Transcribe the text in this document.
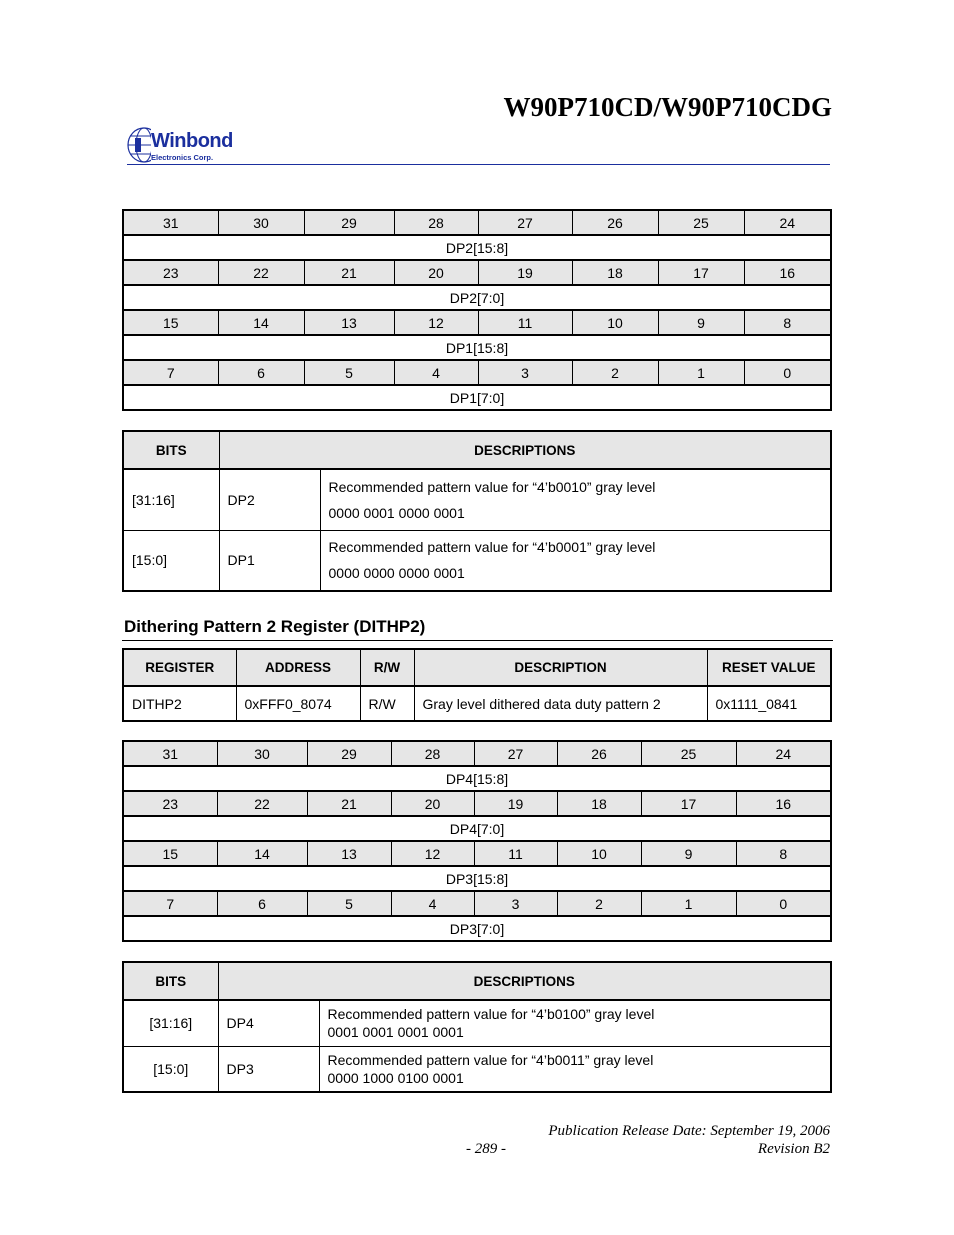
W90P710CD/W90P710CDG
Winbond
Electronics Corp.
31	30	29	28	27	26	25	24
DP2[15:8]							
23	22	21	20	19	18	17	16
DP2[7:0]							
15	14	13	12	11	10	9	8
DP1[15:8]							
7	6	5	4	3	2	1	0
DP1[7:0]							
BITS	DESCRIPTIONS	
[31:16]	DP2	Recommended pattern value for “4’b0010” gray level
0000 0001 0000 0001

[15:0]	DP1	Recommended pattern value for “4’b0001” gray level
0000 0000 0000 0001
Dithering Pattern 2 Register (DITHP2)
REGISTER	ADDRESS	R/W	DESCRIPTION	RESET VALUE
DITHP2	0xFFF0_8074	R/W	Gray level dithered data duty pattern 2	0x1111_0841
31	30	29	28	27	26	25	24
DP4[15:8]							
23	22	21	20	19	18	17	16
DP4[7:0]							
15	14	13	12	11	10	9	8
DP3[15:8]							
7	6	5	4	3	2	1	0
DP3[7:0]							
BITS	DESCRIPTIONS	
[31:16]	DP4	Recommended pattern value for “4’b0100” gray level
0001 0001 0001 0001

[15:0]	DP3	Recommended pattern value for “4’b0011” gray level
0000 1000 0100 0001
Publication Release Date: September 19, 2006
- 289 -	Revision B2
